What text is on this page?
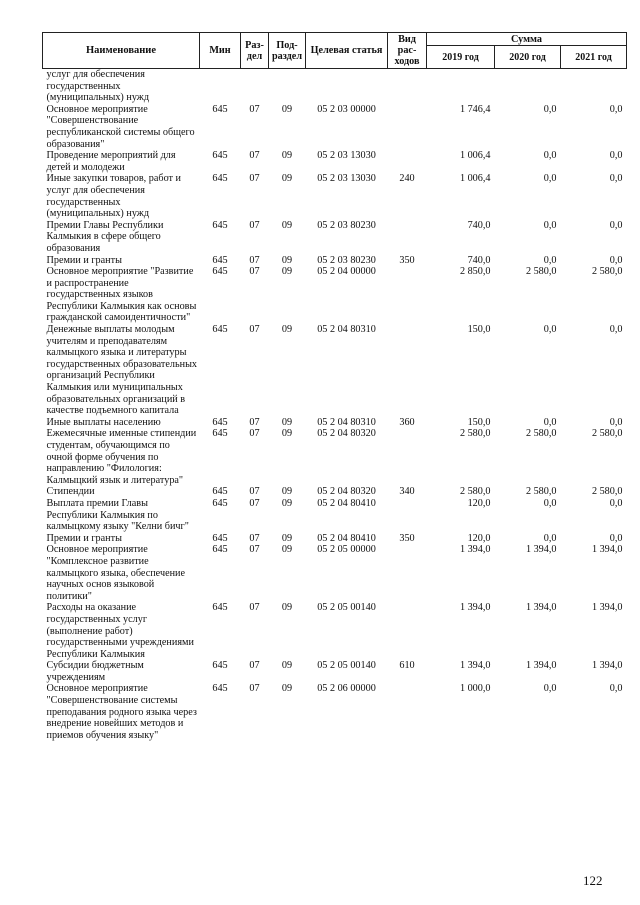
Наименование	Мин	Раз-дел	Под-раздел	Целевая статья	Вид рас-ходов	Сумма		
						2019 год	2020 год	2021 год
услуг для обеспечения государственных (муниципальных) нужд								
Основное мероприятие "Совершенствование республиканской системы общего образования"	645	07	09	05 2 03 00000		1 746,4	0,0	0,0
Проведение мероприятий для детей и молодежи	645	07	09	05 2 03 13030		1 006,4	0,0	0,0
Иные закупки товаров, работ и услуг для обеспечения государственных (муниципальных) нужд	645	07	09	05 2 03 13030	240	1 006,4	0,0	0,0
Премии Главы Республики Калмыкия в сфере общего образования	645	07	09	05 2 03 80230		740,0	0,0	0,0
Премии и гранты	645	07	09	05 2 03 80230	350	740,0	0,0	0,0
Основное мероприятие "Развитие и распространение государственных языков Республики Калмыкия как основы гражданской самоидентичности"	645	07	09	05 2 04 00000		2 850,0	2 580,0	2 580,0
Денежные выплаты молодым учителям и преподавателям калмыцкого языка и литературы государственных образовательных организаций Республики Калмыкия или муниципальных образовательных организаций в качестве подъемного капитала	645	07	09	05 2 04 80310		150,0	0,0	0,0
Иные выплаты населению	645	07	09	05 2 04 80310	360	150,0	0,0	0,0
Ежемесячные именные стипендии студентам, обучающимся по очной форме обучения по направлению "Филология: Калмыцкий язык и литература"	645	07	09	05 2 04 80320		2 580,0	2 580,0	2 580,0
Стипендии	645	07	09	05 2 04 80320	340	2 580,0	2 580,0	2 580,0
Выплата премии Главы Республики Калмыкия по калмыцкому языку "Келни бичг"	645	07	09	05 2 04 80410		120,0	0,0	0,0
Премии и гранты	645	07	09	05 2 04 80410	350	120,0	0,0	0,0
Основное мероприятие "Комплексное развитие калмыцкого языка, обеспечение научных основ языковой политики"	645	07	09	05 2 05 00000		1 394,0	1 394,0	1 394,0
Расходы на оказание государственных услуг (выполнение работ) государственными учреждениями Республики Калмыкия	645	07	09	05 2 05 00140		1 394,0	1 394,0	1 394,0
Субсидии бюджетным учреждениям	645	07	09	05 2 05 00140	610	1 394,0	1 394,0	1 394,0
Основное мероприятие "Совершенствование системы преподавания родного языка через внедрение новейших методов и приемов обучения языку"	645	07	09	05 2 06 00000		1 000,0	0,0	0,0
122
